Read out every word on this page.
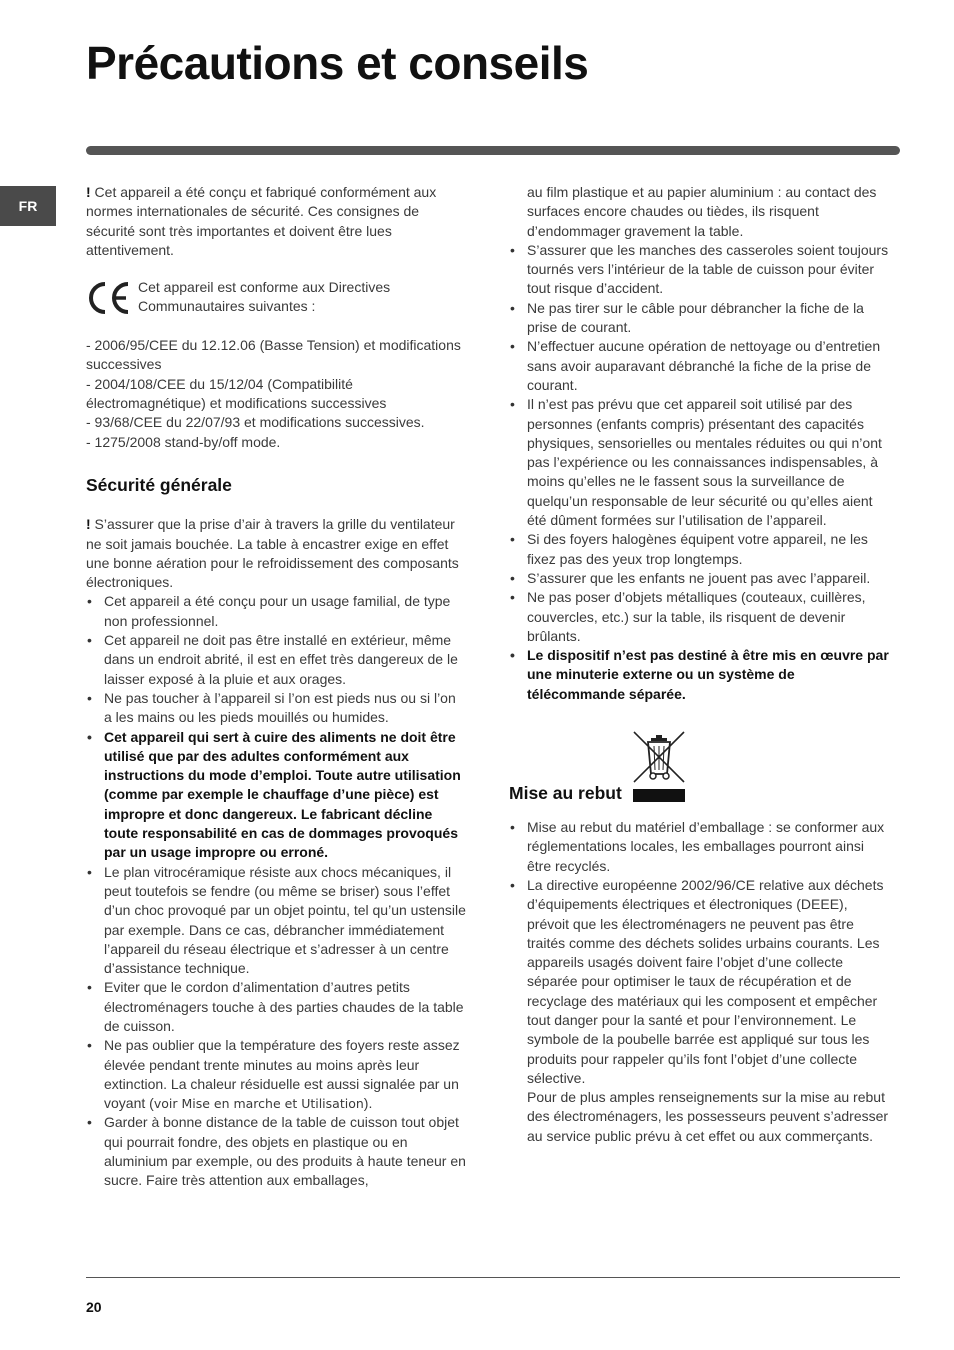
Précautions et conseils
FR

! Cet appareil a été conçu et fabriqué conformément aux normes internationales de sécurité. Ces consignes de sécurité sont très importantes et doivent être lues attentivement.

Cet appareil est conforme aux Directives Communautaires suivantes :

- 2006/95/CEE du 12.12.06 (Basse Tension) et modifications successives

- 2004/108/CEE du 15/12/04 (Compatibilité électromagnétique) et modifications successives

- 93/68/CEE du 22/07/93 et modifications successives.

- 1275/2008 stand-by/off mode.

Sécurité générale

! S’assurer que la prise d’air à travers la grille du ventilateur ne soit jamais bouchée. La table à encastrer exige en effet une bonne aération pour le refroidissement des composants électroniques.

• Cet appareil a été conçu pour un usage familial, de type non professionnel.
• Cet appareil ne doit pas être installé en extérieur, même dans un endroit abrité, il est en effet très dangereux de le laisser exposé à la pluie et aux orages.
• Ne pas toucher à l’appareil si l’on est pieds nus ou si l’on a les mains ou les pieds mouillés ou humides.
• Cet appareil qui sert à cuire des aliments ne doit être utilisé que par des adultes conformément aux instructions du mode d’emploi. Toute autre utilisation (comme par exemple le chauffage d’une pièce) est impropre et donc dangereux. Le fabricant décline toute responsabilité en cas de dommages provoqués par un usage impropre ou erroné.
• Le plan vitrocéramique résiste aux chocs mécaniques, il peut toutefois se fendre (ou même se briser) sous l’effet d’un choc provoqué par un objet pointu, tel qu’un ustensile par exemple. Dans ce cas, débrancher immédiatement l’appareil du réseau électrique et s’adresser à un centre d’assistance technique.
• Eviter que le cordon d’alimentation d’autres petits électroménagers touche à des parties chaudes de la table de cuisson.
• Ne pas oublier que la température des foyers reste assez élevée pendant trente minutes au moins après leur extinction. La chaleur résiduelle est aussi signalée par un voyant (voir Mise en marche et Utilisation).
• Garder à bonne distance de la table de cuisson tout objet qui pourrait fondre, des objets en plastique ou en aluminium par exemple, ou des produits à haute teneur en sucre. Faire très attention aux emballages,

au film plastique et au papier aluminium : au contact des surfaces encore chaudes ou tièdes, ils risquent d’endommager gravement la table.

• S’assurer que les manches des casseroles soient toujours tournés vers l’intérieur de la table de cuisson pour éviter tout risque d’accident.
• Ne pas tirer sur le câble pour débrancher la fiche de la prise de courant.
• N’effectuer aucune opération de nettoyage ou d’entretien sans avoir auparavant débranché la fiche de la prise de courant.
• Il n’est pas prévu que cet appareil soit utilisé par des personnes (enfants compris) présentant des capacités physiques, sensorielles ou mentales réduites ou qui n’ont pas l’expérience ou les connaissances indispensables, à moins qu’elles ne le fassent sous la surveillance de quelqu’un responsable de leur sécurité ou qu’elles aient été dûment formées sur l’utilisation de l’appareil.
• Si des foyers halogènes équipent votre appareil, ne les fixez pas des yeux trop longtemps.
• S’assurer que les enfants ne jouent pas avec l’appareil.
• Ne pas poser d’objets métalliques (couteaux, cuillères, couvercles, etc.) sur la table, ils risquent de devenir brûlants.
• Le dispositif n’est pas destiné à être mis en œuvre par une minuterie externe ou un système de télécommande séparée.
Mise au rebut
• Mise au rebut du matériel d’emballage : se conformer aux réglementations locales, les emballages pourront ainsi être recyclés.
• La directive européenne 2002/96/CE relative aux déchets d’équipements électriques et électroniques (DEEE), prévoit que les électroménagers ne peuvent pas être traités comme des déchets solides urbains courants. Les appareils usagés doivent faire l’objet d’une collecte séparée pour optimiser le taux de récupération et de recyclage des matériaux qui les composent et empêcher tout danger pour la santé et pour l’environnement. Le symbole de la poubelle barrée est appliqué sur tous les produits pour rappeler qu’ils font l’objet d’une collecte sélective.

Pour de plus amples renseignements sur la mise au rebut des électroménagers, les possesseurs peuvent s’adresser au service public prévu à cet effet ou aux commerçants.

20
